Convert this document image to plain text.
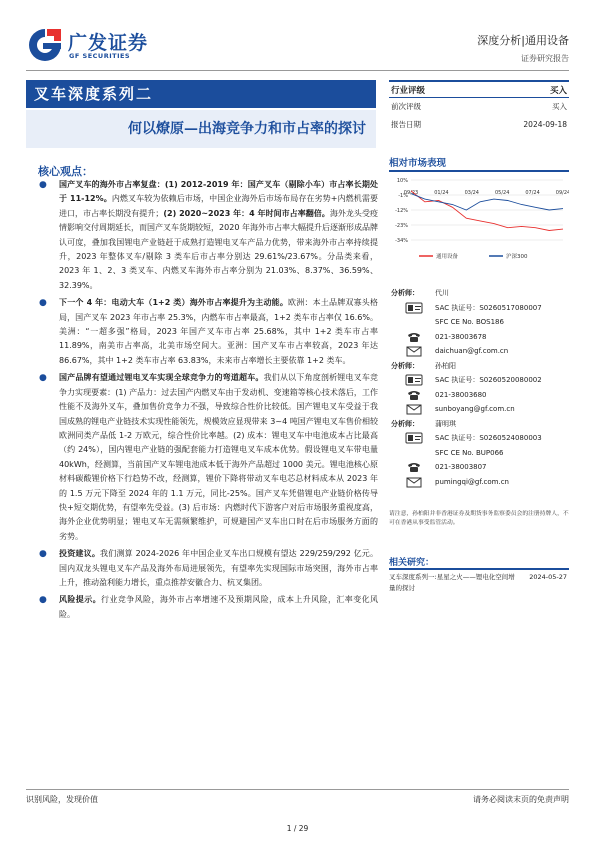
广发证券
GF SECURITIES
深度分析|通用设备
证券研究报告
叉车深度系列二
何以燎原—出海竞争力和市占率的探讨
行业评级	买入
前次评级	买入
报告日期	2024-09-18
核心观点：
● 国产叉车的海外市占率复盘：(1) 2012-2019 年：国产叉车（剔除小车）市占率长期处于 11-12%。内燃叉车较为依赖后市场，中国企业海外后市场布局存在劣势+内燃机需要进口，市占率长期没有提升；(2) 2020~2023 年：4 年时间市占率翻倍。海外龙头受疫情影响交付周期延长，而国产叉车货期较短，2020 年海外市占率大幅提升后逐渐形成品牌认可度，叠加我国锂电产业链赶于成熟打造锂电叉车产品力优势，带来海外市占率持续提升，2023 年整体叉车/剔除 3 类车后市占率分别达 29.61%/23.67%。分品类来看，2023 年 1、2、3 类叉车、内燃叉车海外市占率分别为 21.03%、8.37%、36.59%、32.39%。
● 下一个 4 年：电动大车（1+2 类）海外市占率提升为主动能。欧洲：本土品牌双寡头格局，国产叉车 2023 年市占率 25.3%，内燃车市占率最高，1+2 类车市占率仅 16.6%。美洲：“一超多强”格局，2023 年国产叉车市占率 25.68%，其中 1+2 类车市占率 11.89%，南美市占率高，北美市场空间大。亚洲：国产叉车市占率较高，2023 年达 86.67%，其中 1+2 类车市占率 63.83%，未来市占率增长主要依靠 1+2 类车。
● 国产品牌有望通过锂电叉车实现全球竞争力的弯道超车。我们从以下角度剖析锂电叉车竞争力实现要素：(1) 产品力：过去国产内燃叉车由于发动机、变速箱等核心技术落后，工作性能不及海外叉车，叠加售价竞争力不强，导致综合性价比较低。国产锂电叉车受益于我国成熟的锂电产业链技术实现性能领先，规模效应显现带来 3~4 吨国产锂电叉车售价相较欧洲同类产品低 1-2 万欧元，综合性价比率越。(2) 成本：锂电叉车中电池成本占比最高（约 24%），国内锂电产业链的强配套能力打造锂电叉车成本优势。假设锂电叉车带电量 40kWh，经测算，当前国产叉车锂电池成本低于海外产品超过 1000 美元。锂电池核心原材料碳酸锂价格下行趋势不改，经测算，锂价下降将带动叉车电芯总材料成本从 2023 年的 1.5 万元下降至 2024 年的 1.1 万元，同比-25%。国产叉车凭借锂电产业链价格传导快+短交期优势，有望率先受益。(3) 后市场：内燃时代下游客户对后市场服务重视度高，海外企业优势明显；锂电叉车无需频繁维护，可规避国产叉车出口时在后市场服务方面的劣势。
● 投资建议。我们测算 2024-2026 年中国企业叉车出口规模有望达 229/259/292 亿元。国内双龙头锂电叉车产品及海外布局进展领先，有望率先实现国际市场突围，海外市占率上升，推动盈利能力增长，重点推荐安徽合力、杭叉集团。
● 风险提示。行业竞争风险，海外市占率增速不及预期风险，成本上升风险，汇率变化风险。
相对市场表现
10%
-1%
-12%
-23%
-34%
09/23	01/24	03/24	05/24	07/24	09/24
通用设备	沪深300
分析师： 代川
SAC 执证号：S0260517080007
SFC CE No. BOS186
021-38003678
daichuan@gf.com.cn
分析师： 孙柏阳
SAC 执证号：S0260520080002
021-38003680
sunboyang@gf.com.cn
分析师： 蒲明琪
SAC 执证号：S0260524080003
SFC CE No. BUP066
021-38003807
pumingqi@gf.com.cn
请注意，孙柏阳并非香港证券及期货事务监察委员会的注册持牌人，不可在香港从事受监管活动。
相关研究：
叉车深度系列一:星星之火——锂电化空间增量的探讨
2024-05-27
识别风险，发现价值	请务必阅读末页的免责声明
1 / 29
